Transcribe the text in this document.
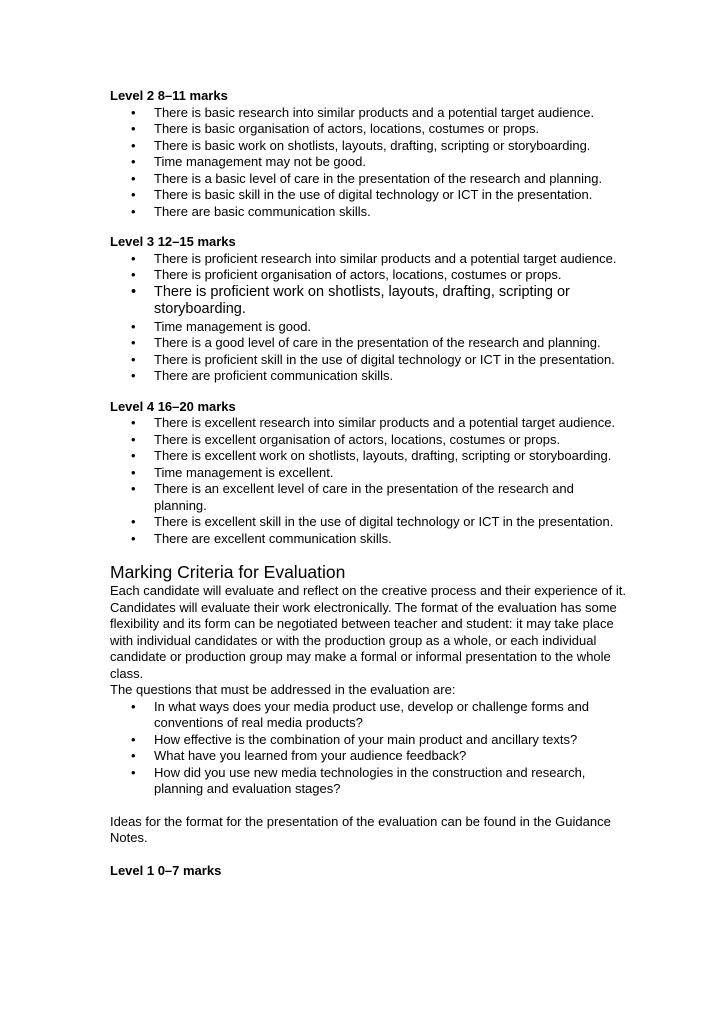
Level 2 8–11 marks
• There is basic research into similar products and a potential target audience.
• There is basic organisation of actors, locations, costumes or props.
• There is basic work on shotlists, layouts, drafting, scripting or storyboarding.
• Time management may not be good.
• There is a basic level of care in the presentation of the research and planning.
• There is basic skill in the use of digital technology or ICT in the presentation.
• There are basic communication skills.
Level 3 12–15 marks
• There is proficient research into similar products and a potential target audience.
• There is proficient organisation of actors, locations, costumes or props.
• There is proficient work on shotlists, layouts, drafting, scripting or storyboarding.
• Time management is good.
• There is a good level of care in the presentation of the research and planning.
• There is proficient skill in the use of digital technology or ICT in the presentation.
• There are proficient communication skills.
Level 4 16–20 marks
• There is excellent research into similar products and a potential target audience.
• There is excellent organisation of actors, locations, costumes or props.
• There is excellent work on shotlists, layouts, drafting, scripting or storyboarding.
• Time management is excellent.
• There is an excellent level of care in the presentation of the research and planning.
• There is excellent skill in the use of digital technology or ICT in the presentation.
• There are excellent communication skills.
Marking Criteria for Evaluation

Each candidate will evaluate and reflect on the creative process and their experience of it. Candidates will evaluate their work electronically. The format of the evaluation has some flexibility and its form can be negotiated between teacher and student: it may take place with individual candidates or with the production group as a whole, or each individual candidate or production group may make a formal or informal presentation to the whole class.

The questions that must be addressed in the evaluation are:

• In what ways does your media product use, develop or challenge forms and conventions of real media products?
• How effective is the combination of your main product and ancillary texts?
• What have you learned from your audience feedback?
• How did you use new media technologies in the construction and research, planning and evaluation stages?

Ideas for the format for the presentation of the evaluation can be found in the Guidance Notes.

Level 1 0–7 marks
